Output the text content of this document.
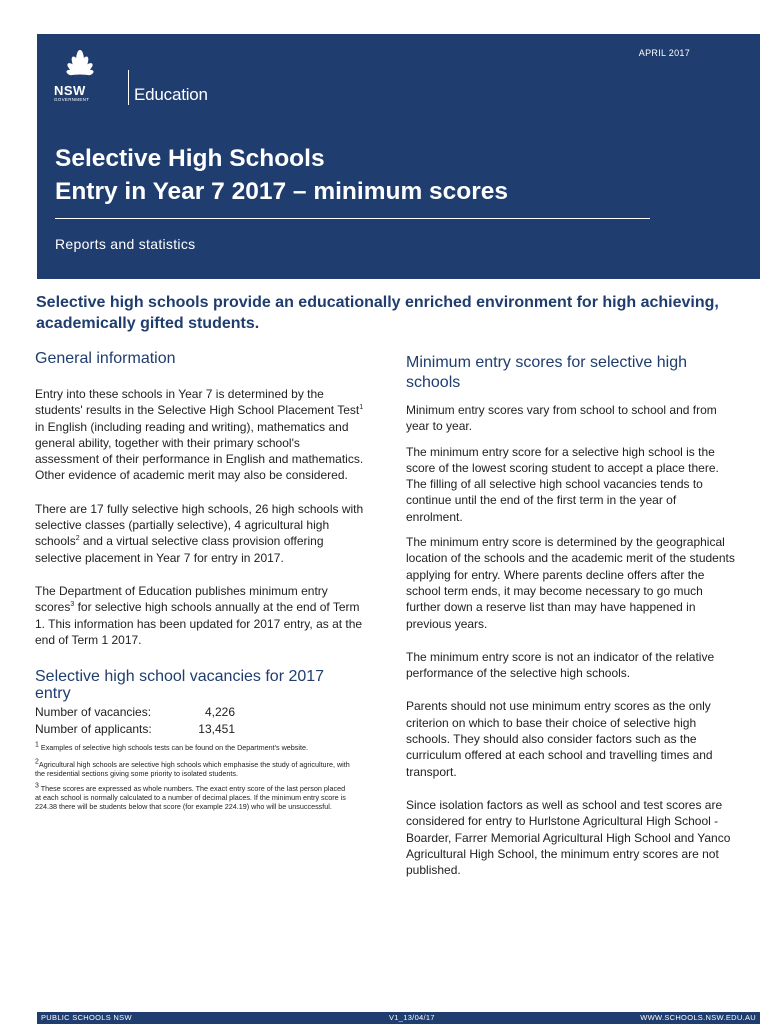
NSW
GOVERNMENT	Education
APRIL 2017
Selective High Schools
Entry in Year 7 2017 – minimum scores
Reports and statistics
Selective high schools provide an educationally enriched environment for high achieving, academically gifted students.
General information

Entry into these schools in Year 7 is determined by the students' results in the Selective High School Placement Test$^1$ in English (including reading and writing), mathematics and general ability, together with their primary school's assessment of their performance in English and mathematics. Other evidence of academic merit may also be considered.

There are 17 fully selective high schools, 26 high schools with selective classes (partially selective), 4 agricultural high schools$^2$ and a virtual selective class provision offering selective placement in Year 7 for entry in 2017.

The Department of Education publishes minimum entry scores$^3$ for selective high schools annually at the end of Term 1. This information has been updated for 2017 entry, as at the end of Term 1 2017.

Selective high school vacancies for 2017 entry
Number of vacancies:	4,226
Number of applicants:	13,451
$^1$ Examples of selective high schools tests can be found on the Department's website.
$^2$Agricultural high schools are selective high schools which emphasise the study of agriculture, with the residential sections giving some priority to isolated students.
$^3$ These scores are expressed as whole numbers. The exact entry score of the last person placed at each school is normally calculated to a number of decimal places. If the minimum entry score is 224.38 there will be students below that score (for example 224.19) who will be unsuccessful.
Minimum entry scores for selective high schools

Minimum entry scores vary from school to school and from year to year.

The minimum entry score for a selective high school is the score of the lowest scoring student to accept a place there. The filling of all selective high school vacancies tends to continue until the end of the first term in the year of enrolment.

The minimum entry score is determined by the geographical location of the schools and the academic merit of the students applying for entry. Where parents decline offers after the school term ends, it may become necessary to go much further down a reserve list than may have happened in previous years.

The minimum entry score is not an indicator of the relative performance of the selective high schools.

Parents should not use minimum entry scores as the only criterion on which to base their choice of selective high schools. They should also consider factors such as the curriculum offered at each school and travelling times and transport.

Since isolation factors as well as school and test scores are considered for entry to Hurlstone Agricultural High School - Boarder, Farrer Memorial Agricultural High School and Yanco Agricultural High School, the minimum entry scores are not published.

PUBLIC SCHOOLS NSW	V1_13/04/17	WWW.SCHOOLS.NSW.EDU.AU
